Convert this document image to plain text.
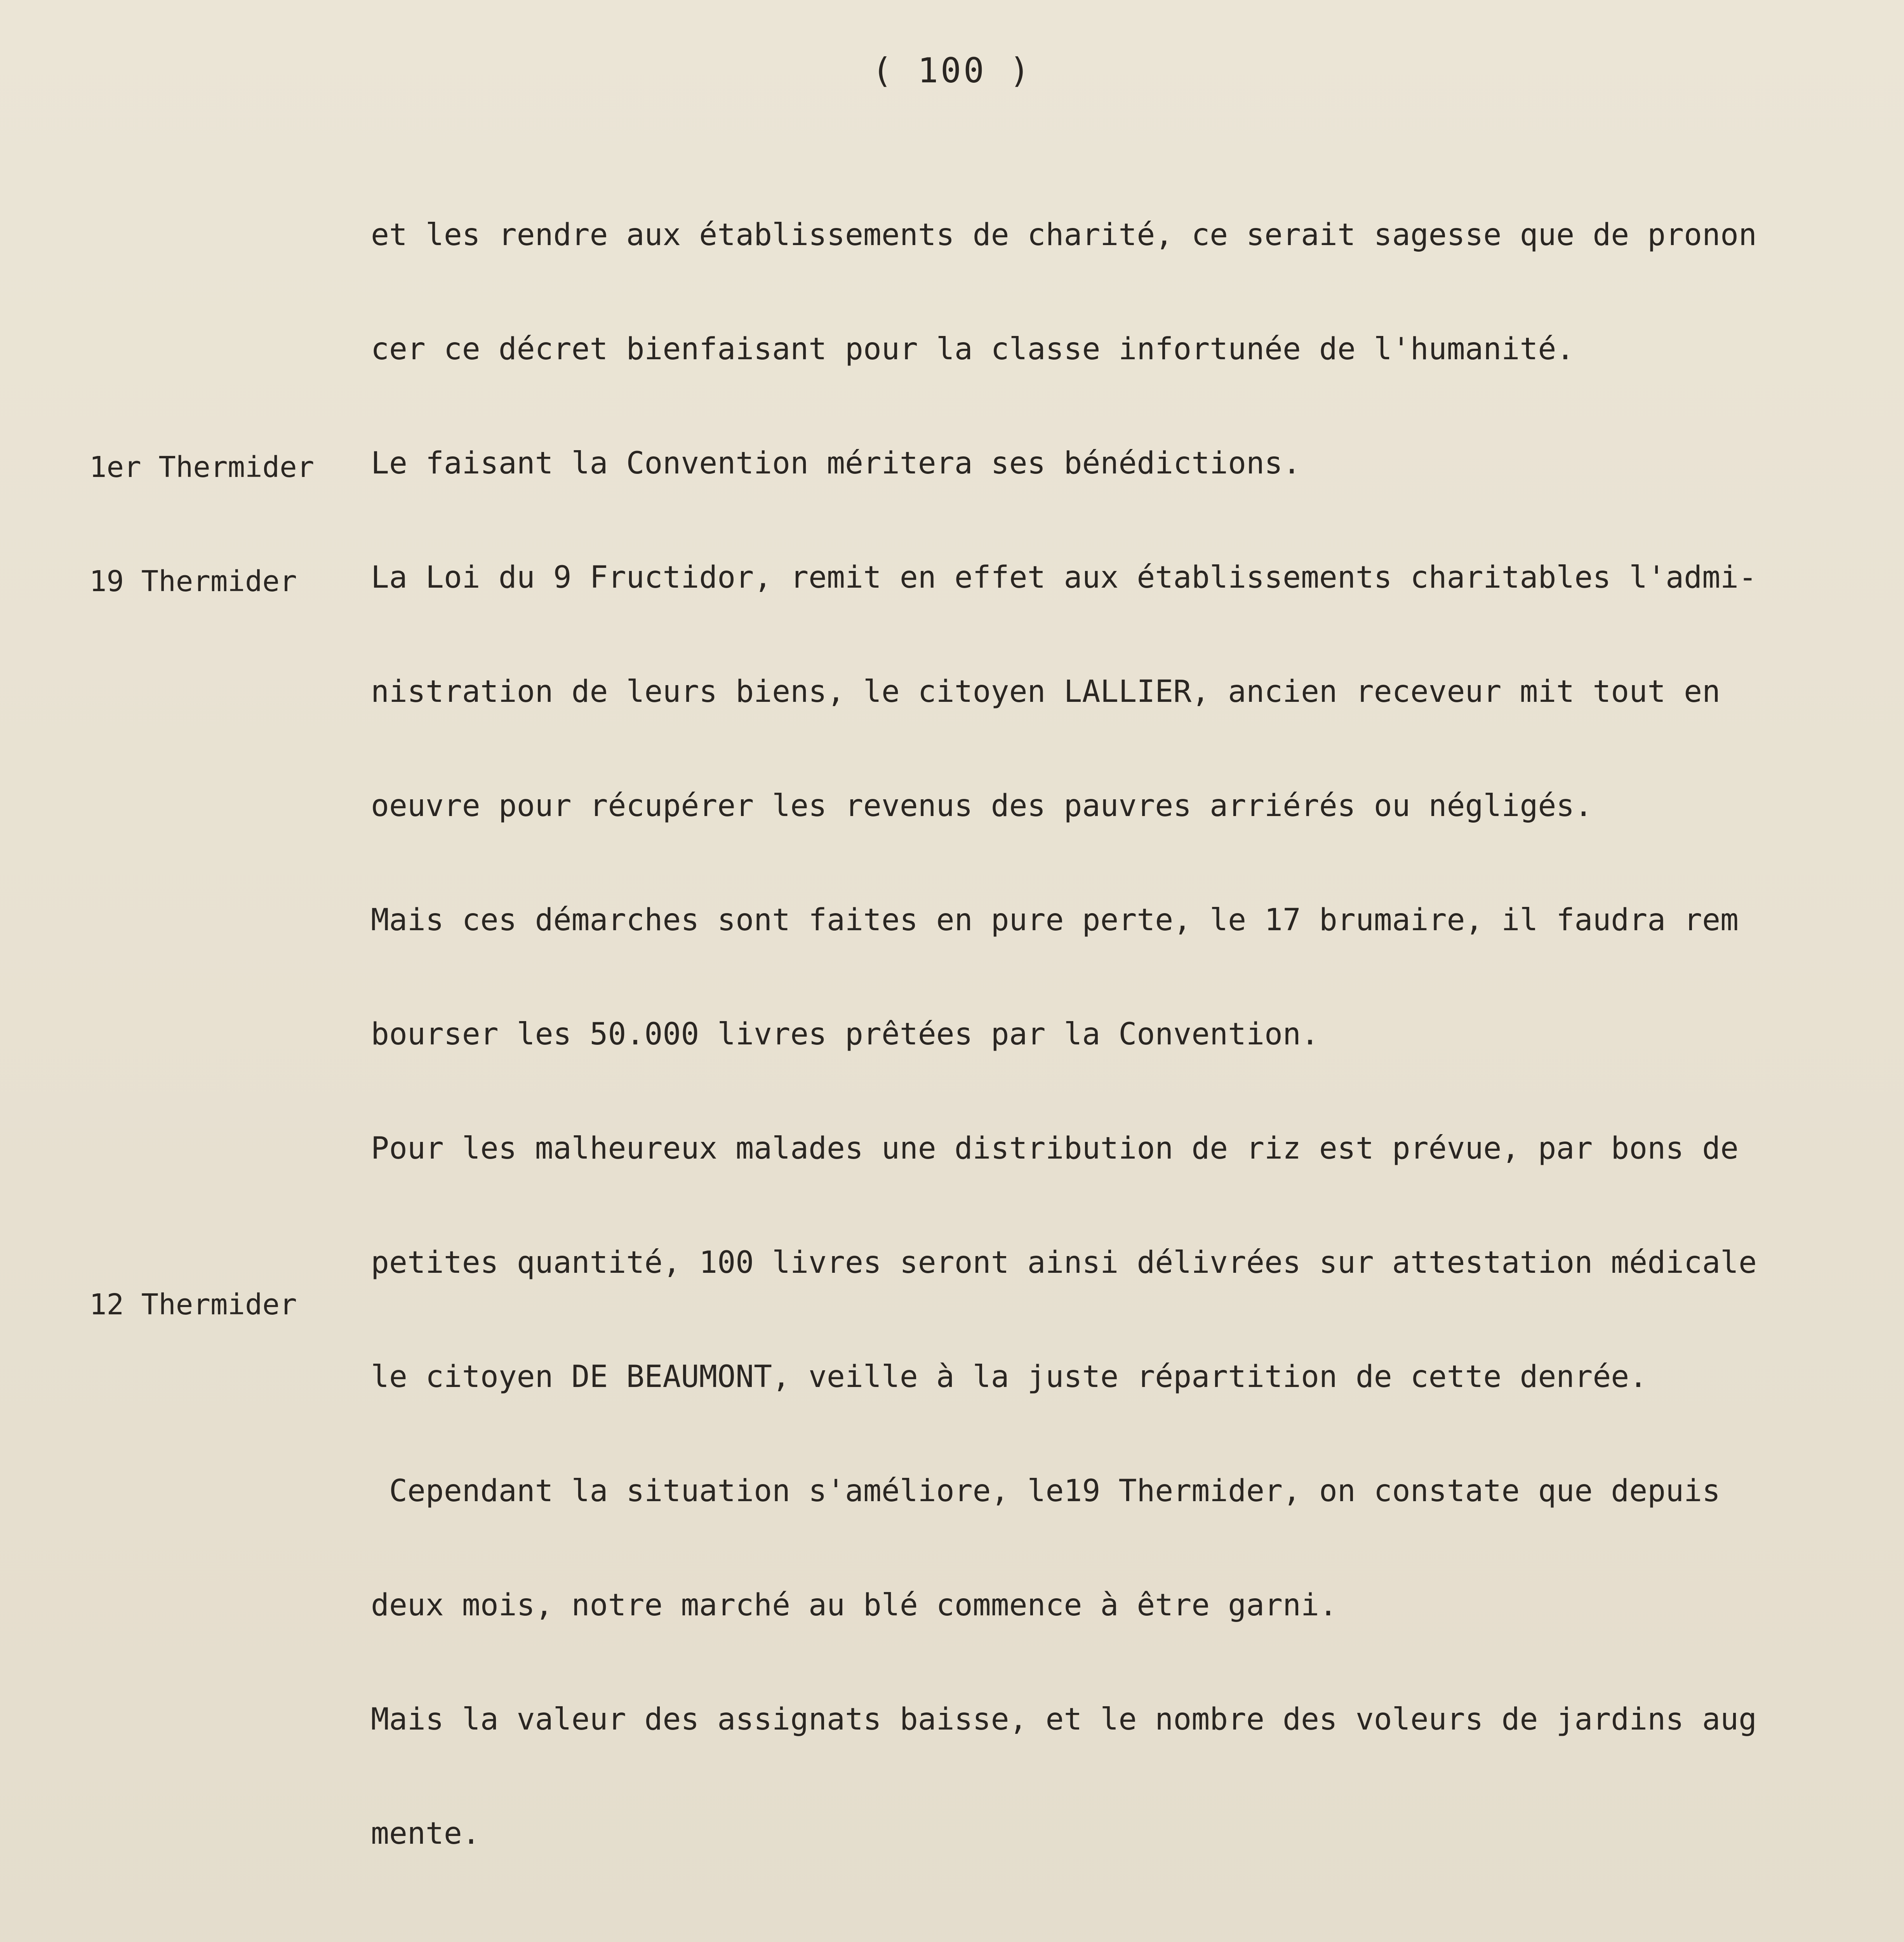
( 100 )
1er Thermider
19 Thermider
12 Thermider

et les rendre aux établissements de charité, ce serait sagesse que de pronon

cer ce décret bienfaisant pour la classe infortunée de l'humanité.

Le faisant la Convention méritera ses bénédictions.

La Loi du 9 Fructidor, remit en effet aux établissements charitables l'admi-

nistration de leurs biens, le citoyen LALLIER, ancien receveur mit tout en

oeuvre pour récupérer les revenus des pauvres arriérés ou négligés.

Mais ces démarches sont faites en pure perte, le 17 brumaire, il faudra rem

bourser les 50.000 livres prêtées par la Convention.

Pour les malheureux malades une distribution de riz est prévue, par bons de

petites quantité, 100 livres seront ainsi délivrées sur attestation médicale

le citoyen DE BEAUMONT, veille à la juste répartition de cette denrée.

Cependant la situation s'améliore, le19 Thermider, on constate que depuis

deux mois, notre marché au blé commence à être garni.

Mais la valeur des assignats baisse, et le nombre des voleurs de jardins aug

mente.
